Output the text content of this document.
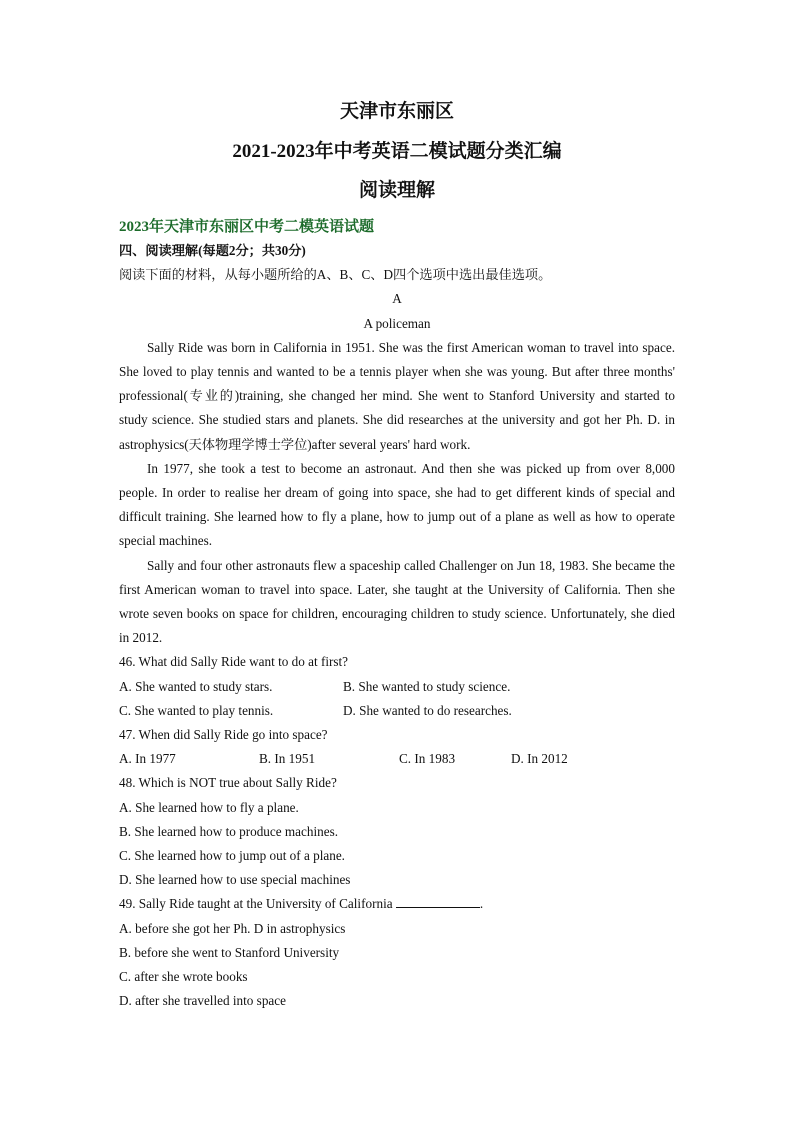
天津市东丽区
2021-2023年中考英语二模试题分类汇编
阅读理解

2023年天津市东丽区中考二模英语试题

四、阅读理解(每题2分；共30分)

阅读下面的材料，从每小题所给的A、B、C、D四个选项中选出最佳选项。

A

A policeman

Sally Ride was born in California in 1951. She was the first American woman to travel into space. She loved to play tennis and wanted to be a tennis player when she was young. But after three months' professional(专业的)training, she changed her mind. She went to Stanford University and started to study science. She studied stars and planets. She did researches at the university and got her Ph. D. in astrophysics(天体物理学博士学位)after several years' hard work.

In 1977, she took a test to become an astronaut. And then she was picked up from over 8,000 people. In order to realise her dream of going into space, she had to get different kinds of special and difficult training. She learned how to fly a plane, how to jump out of a plane as well as how to operate special machines.

Sally and four other astronauts flew a spaceship called Challenger on Jun 18, 1983. She became the first American woman to travel into space. Later, she taught at the University of California. Then she wrote seven books on space for children, encouraging children to study science. Unfortunately, she died in 2012.

46. What did Sally Ride want to do at first?

A. She wanted to study stars.	B. She wanted to study science.
C. She wanted to play tennis.	D. She wanted to do researches.

47. When did Sally Ride go into space?

A. In 1977	B. In 1951	C. In 1983	D. In 2012

48. Which is NOT true about Sally Ride?

A. She learned how to fly a plane.

B. She learned how to produce machines.

C. She learned how to jump out of a plane.

D. She learned how to use special machines

49. Sally Ride taught at the University of California	.

A. before she got her Ph. D in astrophysics

B. before she went to Stanford University

C. after she wrote books

D. after she travelled into space
